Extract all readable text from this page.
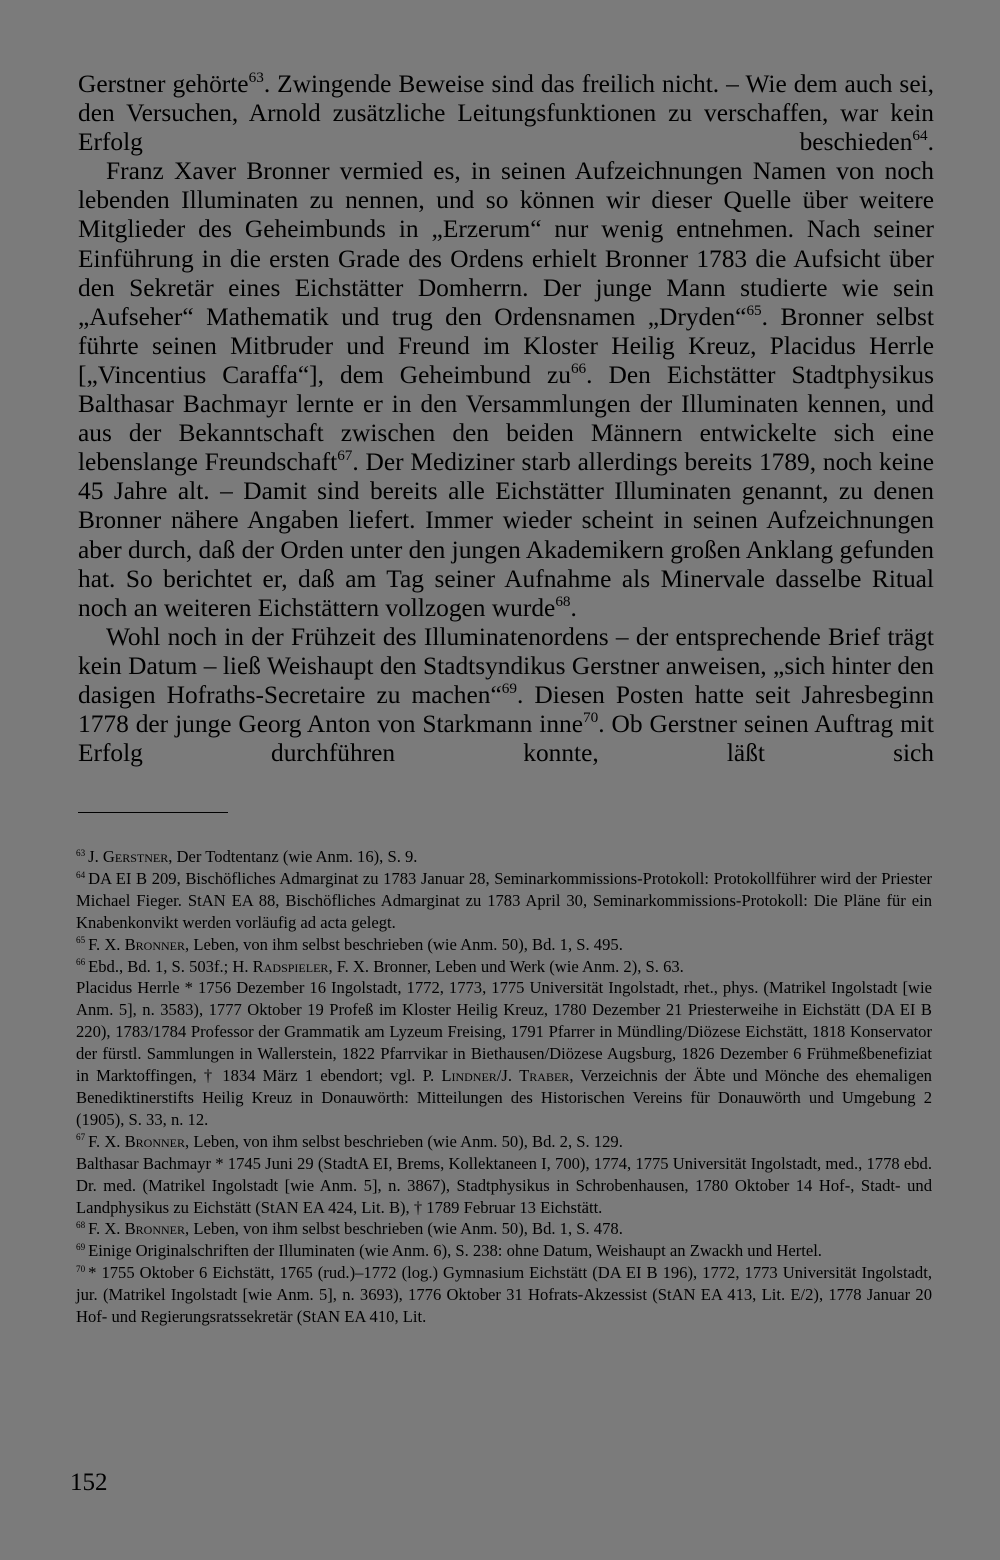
Gerstner gehörte$^{63}$. Zwingende Beweise sind das freilich nicht. – Wie dem auch sei, den Versuchen, Arnold zusätzliche Leitungsfunktionen zu verschaffen, war kein Erfolg beschieden$^{64}$.

Franz Xaver Bronner vermied es, in seinen Aufzeichnungen Namen von noch lebenden Illuminaten zu nennen, und so können wir dieser Quelle über weitere Mitglieder des Geheimbunds in „Erzerum“ nur wenig entnehmen. Nach seiner Einführung in die ersten Grade des Ordens erhielt Bronner 1783 die Aufsicht über den Sekretär eines Eichstätter Domherrn. Der junge Mann studierte wie sein „Aufseher“ Mathematik und trug den Ordensnamen „Dryden“$^{65}$. Bronner selbst führte seinen Mitbruder und Freund im Kloster Heilig Kreuz, Placidus Herrle [„Vincentius Caraffa“], dem Geheimbund $zu^{66}$. Den Eichstätter Stadtphysikus Balthasar Bachmayr lernte er in den Versammlungen der Illuminaten kennen, und aus der Bekanntschaft zwischen den beiden Männern entwickelte sich eine lebenslange Freundschaft$^{67}$. Der Mediziner starb allerdings bereits 1789, noch keine 45 Jahre alt. – Damit sind bereits alle Eichstätter Illuminaten genannt, zu denen Bronner nähere Angaben liefert. Immer wieder scheint in seinen Aufzeichnungen aber durch, daß der Orden unter den jungen Akademikern großen Anklang gefunden hat. So berichtet er, daß am Tag seiner Aufnahme als Minervale dasselbe Ritual noch an weiteren Eichstättern vollzogen wurde$^{68}$.

Wohl noch in der Frühzeit des Illuminatenordens – der entsprechende Brief trägt kein Datum – ließ Weishaupt den Stadtsyndikus Gerstner anweisen, „sich hinter den dasigen Hofraths-Secretaire zu machen“$^{69}$. Diesen Posten hatte seit Jahresbeginn 1778 der junge Georg Anton von Starkmann inne$^{70}$. Ob Gerstner seinen Auftrag mit Erfolg durchführen konnte, läßt sich

$^{63}$ J. Gerstner, Der Todtentanz (wie Anm. 16), S. 9.

$^{64}$ DA EI B 209, Bischöfliches Admarginat zu 1783 Januar 28, Seminarkommissions-Protokoll: Protokollführer wird der Priester Michael Fieger. StAN EA 88, Bischöfliches Admarginat zu 1783 April 30, Seminarkommissions-Protokoll: Die Pläne für ein Knabenkonvikt werden vorläufig ad acta gelegt.

$^{65}$ F. X. Bronner, Leben, von ihm selbst beschrieben (wie Anm. 50), Bd. 1, S. 495.

$^{66}$ Ebd., Bd. 1, S. 503f.; H. Radspieler, F. X. Bronner, Leben und Werk (wie Anm. 2), S. 63.

Placidus Herrle * 1756 Dezember 16 Ingolstadt, 1772, 1773, 1775 Universität Ingolstadt, rhet., phys. (Matrikel Ingolstadt [wie Anm. 5], n. 3583), 1777 Oktober 19 Profeß im Kloster Heilig Kreuz, 1780 Dezember 21 Priesterweihe in Eichstätt (DA EI B 220), 1783/1784 Professor der Grammatik am Lyzeum Freising, 1791 Pfarrer in Mündling/Diözese Eichstätt, 1818 Konservator der fürstl. Sammlungen in Wallerstein, 1822 Pfarrvikar in Biethausen/Diözese Augsburg, 1826 Dezember 6 Frühmeßbenefiziat in Marktoffingen, † 1834 März 1 ebendort; vgl. P. Lindner/J. Traber, Verzeichnis der Äbte und Mönche des ehemaligen Benediktinerstifts Heilig Kreuz in Donauwörth: Mitteilungen des Historischen Vereins für Donauwörth und Umgebung 2 (1905), S. 33, n. 12.

$^{67}$ F. X. Bronner, Leben, von ihm selbst beschrieben (wie Anm. 50), Bd. 2, S. 129.

Balthasar Bachmayr * 1745 Juni 29 (StadtA EI, Brems, Kollektaneen I, 700), 1774, 1775 Universität Ingolstadt, med., 1778 ebd. Dr. med. (Matrikel Ingolstadt [wie Anm. 5], n. 3867), Stadtphysikus in Schrobenhausen, 1780 Oktober 14 Hof-, Stadt- und Landphysikus zu Eichstätt (StAN EA 424, Lit. B), † 1789 Februar 13 Eichstätt.

$^{68}$ F. X. Bronner, Leben, von ihm selbst beschrieben (wie Anm. 50), Bd. 1, S. 478.

$^{69}$ Einige Originalschriften der Illuminaten (wie Anm. 6), S. 238: ohne Datum, Weishaupt an Zwackh und Hertel.

$^{70}$ * 1755 Oktober 6 Eichstätt, 1765 (rud.)–1772 (log.) Gymnasium Eichstätt (DA EI B 196), 1772, 1773 Universität Ingolstadt, jur. (Matrikel Ingolstadt [wie Anm. 5], n. 3693), 1776 Oktober 31 Hofrats-Akzessist (StAN EA 413, Lit. E/2), 1778 Januar 20 Hof- und Regierungsratssekretär (StAN EA 410, Lit.

152
